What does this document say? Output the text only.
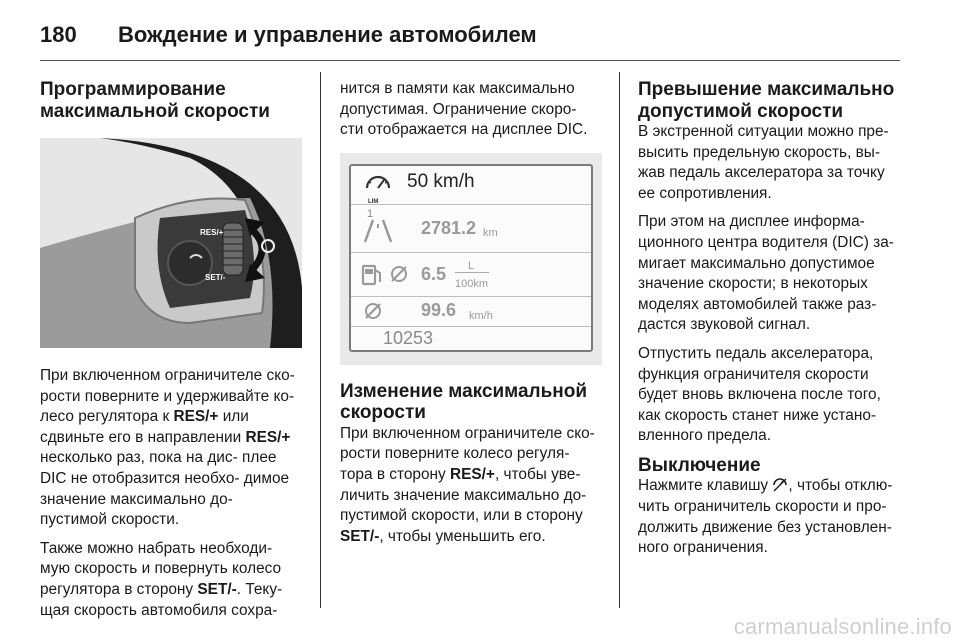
180 Вождение и управление автомобилем
Программирование максимальной скорости
RES/+
SET/-

При включенном ограничителе ско- рости поверните и удерживайте ко- лесо регулятора к RES/+ или сдвиньте его в направлении RES/+ несколько раз, пока на дис- плее DIC не отобразится необхо- димое значение максимально до- пустимой скорости.

Также можно набрать необходи- мую скорость и повернуть колесо регулятора в сторону SET/-. Теку- щая скорость автомобиля сохра-

нится в памяти как максимально допустимая. Ограничение скоро- сти отображается на дисплее DIC.

LIM
50 km/h
1
2781.2 km
6.5 L
100km
99.6 km/h
10253
Изменение максимальной скорости

При включенном ограничителе ско- рости поверните колесо регуля- тора в сторону RES/+, чтобы уве- личить значение максимально до- пустимой скорости, или в сторону SET/-, чтобы уменьшить его.

Превышение максимально допустимой скорости

В экстренной ситуации можно пре- высить предельную скорость, вы- жав педаль акселератора за точку ее сопротивления.

При этом на дисплее информа- ционного центра водителя (DIC) за- мигает максимально допустимое значение скорости; в некоторых моделях автомобилей также раз- дастся звуковой сигнал.

Отпустить педаль акселератора, функция ограничителя скорости будет вновь включена после того, как скорость станет ниже устано- вленного предела.

Выключение

Нажмите клавишу , чтобы отклю- чить ограничитель скорости и про- должить движение без установлен- ного ограничения.

carmanualsonline.info
